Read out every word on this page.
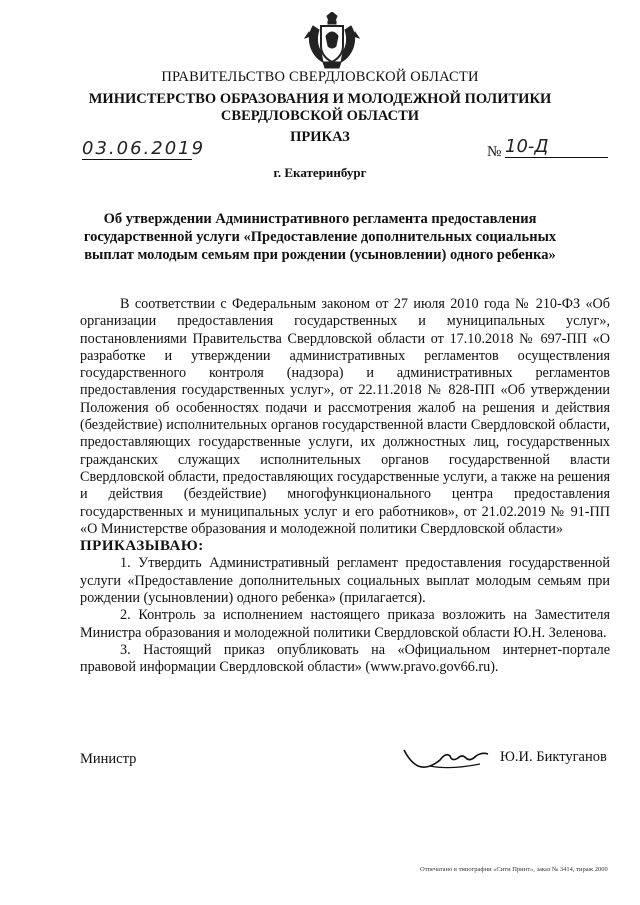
ПРАВИТЕЛЬСТВО СВЕРДЛОВСКОЙ ОБЛАСТИ
МИНИСТЕРСТВО ОБРАЗОВАНИЯ И МОЛОДЕЖНОЙ ПОЛИТИКИ
СВЕРДЛОВСКОЙ ОБЛАСТИ
ПРИКАЗ
03.06.2019	№ 10-Д
г. Екатеринбург
Об утверждении Административного регламента предоставления
государственной услуги «Предоставление дополнительных социальных
выплат молодым семьям при рождении (усыновлении) одного ребенка»

В соответствии с Федеральным законом от 27 июля 2010 года № 210-ФЗ «Об организации предоставления государственных и муниципальных услуг», постановлениями Правительства Свердловской области от 17.10.2018 № 697-ПП «О разработке и утверждении административных регламентов осуществления государственного контроля (надзора) и административных регламентов предоставления государственных услуг», от 22.11.2018 № 828-ПП «Об утверждении Положения об особенностях подачи и рассмотрения жалоб на решения и действия (бездействие) исполнительных органов государственной власти Свердловской области, предоставляющих государственные услуги, их должностных лиц, государственных гражданских служащих исполнительных органов государственной власти Свердловской области, предоставляющих государственные услуги, а также на решения и действия (бездействие) многофункционального центра предоставления государственных и муниципальных услуг и его работников», от 21.02.2019 № 91-ПП «О Министерстве образования и молодежной политики Свердловской области»

ПРИКАЗЫВАЮ:

1. Утвердить Административный регламент предоставления государственной услуги «Предоставление дополнительных социальных выплат молодым семьям при рождении (усыновлении) одного ребенка» (прилагается).

2. Контроль за исполнением настоящего приказа возложить на Заместителя Министра образования и молодежной политики Свердловской области Ю.Н. Зеленова.

3. Настоящий приказ опубликовать на «Официальном интернет-портале правовой информации Свердловской области» (www.pravo.gov66.ru).

Министр	Ю.И. Биктуганов
Отпечатано в типографии «Сити Принт», заказ № 3414, тираж 2000
